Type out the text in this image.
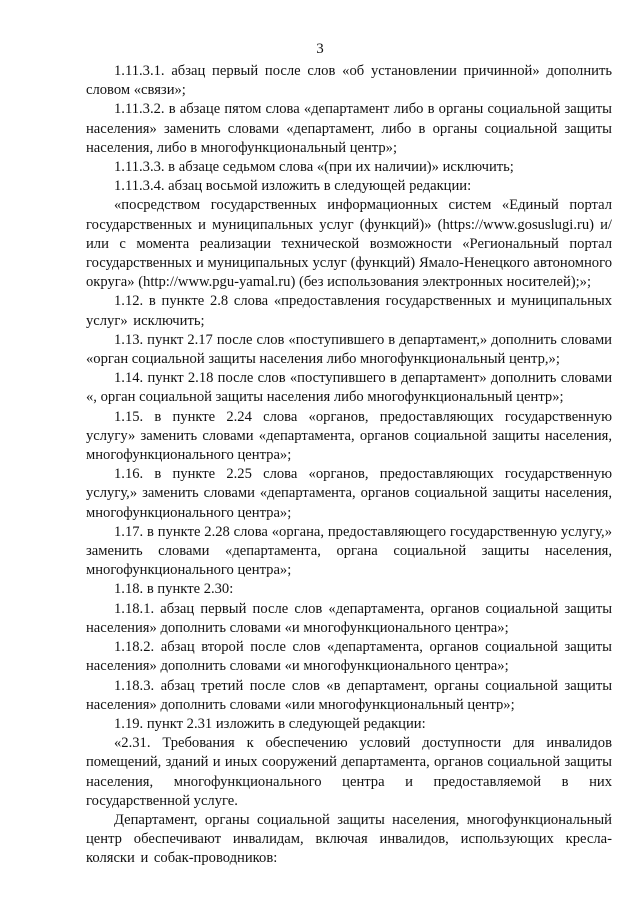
3

1.11.3.1. абзац первый после слов «об установлении причинной» дополнить словом «связи»;

1.11.3.2. в абзаце пятом слова «департамент либо в органы социальной защиты населения» заменить словами «департамент, либо в органы социальной защиты населения, либо в многофункциональный центр»;

1.11.3.3. в абзаце седьмом слова «(при их наличии)» исключить;

1.11.3.4. абзац восьмой изложить в следующей редакции:

«посредством государственных информационных систем «Единый портал государственных и муниципальных услуг (функций)» (https://www.gosuslugi.ru) и/или с момента реализации технической возможности «Региональный портал государственных и муниципальных услуг (функций) Ямало-Ненецкого автономного округа» (http://www.pgu-yamal.ru) (без использования электронных носителей);»;

1.12. в пункте 2.8 слова «предоставления государственных и муниципальных услуг» исключить;

1.13. пункт 2.17 после слов «поступившего в департамент,» дополнить словами «орган социальной защиты населения либо многофункциональный центр,»;

1.14. пункт 2.18 после слов «поступившего в департамент» дополнить словами «, орган социальной защиты населения либо многофункциональный центр»;

1.15. в пункте 2.24 слова «органов, предоставляющих государственную услугу» заменить словами «департамента, органов социальной защиты населения, многофункционального центра»;

1.16. в пункте 2.25 слова «органов, предоставляющих государственную услугу,» заменить словами «департамента, органов социальной защиты населения, многофункционального центра»;

1.17. в пункте 2.28 слова «органа, предоставляющего государственную услугу,» заменить словами «департамента, органа социальной защиты населения, многофункционального центра»;

1.18. в пункте 2.30:

1.18.1. абзац первый после слов «департамента, органов социальной защиты населения» дополнить словами «и многофункционального центра»;

1.18.2. абзац второй после слов «департамента, органов социальной защиты населения» дополнить словами «и многофункционального центра»;

1.18.3. абзац третий после слов «в департамент, органы социальной защиты населения» дополнить словами «или многофункциональный центр»;

1.19. пункт 2.31 изложить в следующей редакции:

«2.31. Требования к обеспечению условий доступности для инвалидов помещений, зданий и иных сооружений департамента, органов социальной защиты населения, многофункционального центра и предоставляемой в них государственной услуге.

Департамент, органы социальной защиты населения, многофункциональный центр обеспечивают инвалидам, включая инвалидов, использующих кресла-коляски и собак-проводников:
